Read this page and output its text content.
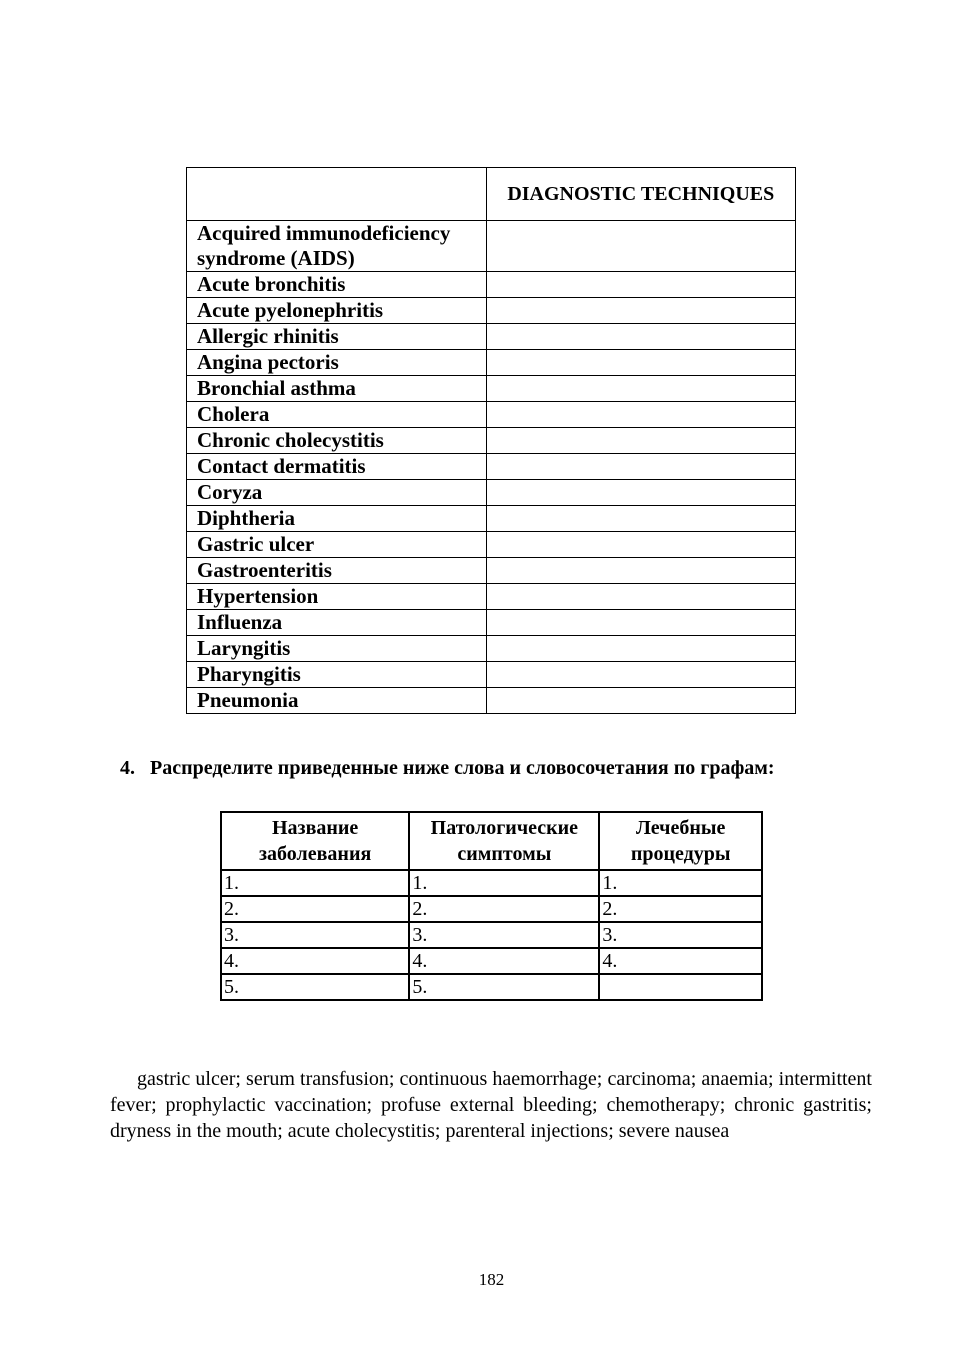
	DIAGNOSTIC TECHNIQUES
Acquired immunodeficiency syndrome (AIDS)	
Acute bronchitis	
Acute pyelonephritis	
Allergic rhinitis	
Angina pectoris	
Bronchial asthma	
Cholera	
Chronic cholecystitis	
Contact dermatitis	
Coryza	
Diphtheria	
Gastric ulcer	
Gastroenteritis	
Hypertension	
Influenza	
Laryngitis	
Pharyngitis	
Pneumonia	
4. Распределите приведенные ниже слова и словосочетания по графам:
Название заболевания	Патологические симптомы	Лечебные процедуры
1.	1.	1.
2.	2.	2.
3.	3.	3.
4.	4.	4.
5.	5.	

gastric ulcer; serum transfusion; continuous haemorrhage; carcinoma; anaemia; intermittent fever; prophylactic vaccination; profuse external bleeding; chemotherapy; chronic gastritis; dryness in the mouth; acute cholecystitis; parenteral injections; severe nausea

182
